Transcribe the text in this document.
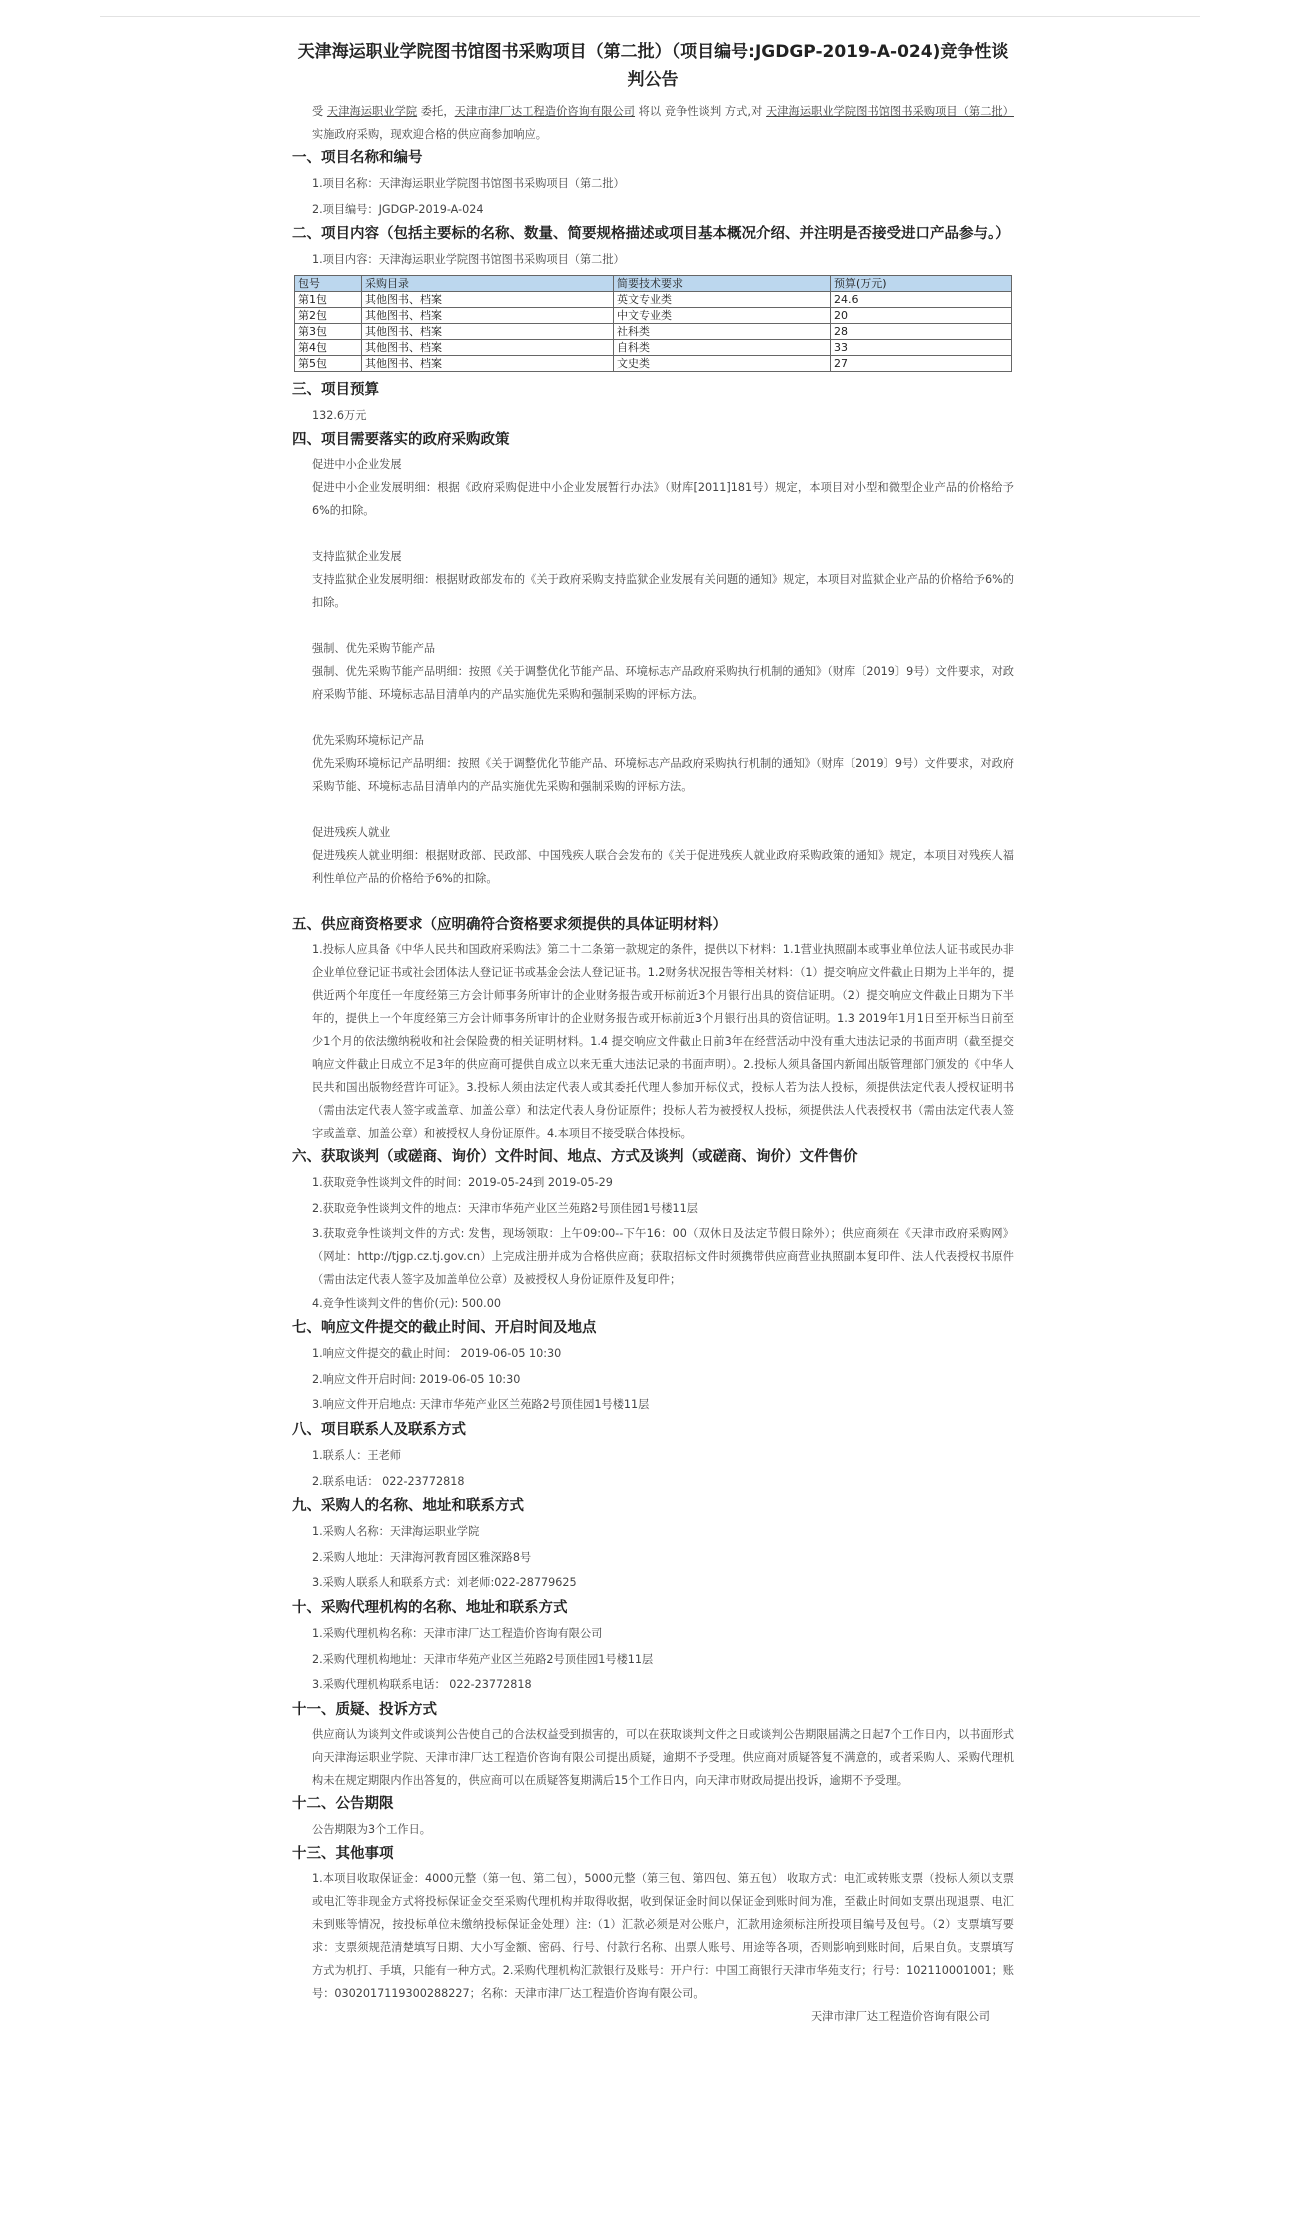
天津海运职业学院图书馆图书采购项目（第二批）（项目编号:JGDGP-2019-A-024)竞争性谈判公告

受 天津海运职业学院 委托，天津市津厂达工程造价咨询有限公司 将以 竞争性谈判 方式,对 天津海运职业学院图书馆图书采购项目（第二批） 实施政府采购，现欢迎合格的供应商参加响应。

一、项目名称和编号
1.项目名称：天津海运职业学院图书馆图书采购项目（第二批）
2.项目编号：JGDGP-2019-A-024
二、项目内容（包括主要标的名称、数量、简要规格描述或项目基本概况介绍、并注明是否接受进口产品参与。）
1.项目内容：天津海运职业学院图书馆图书采购项目（第二批）
包号	采购目录	简要技术要求	预算(万元)
第1包	其他图书、档案	英文专业类	24.6
第2包	其他图书、档案	中文专业类	20
第3包	其他图书、档案	社科类	28
第4包	其他图书、档案	自科类	33
第5包	其他图书、档案	文史类	27
三、项目预算
132.6万元
四、项目需要落实的政府采购政策

促进中小企业发展

促进中小企业发展明细：根据《政府采购促进中小企业发展暂行办法》（财库[2011]181号）规定，本项目对小型和微型企业产品的价格给予6%的扣除。

支持监狱企业发展

支持监狱企业发展明细：根据财政部发布的《关于政府采购支持监狱企业发展有关问题的通知》规定，本项目对监狱企业产品的价格给予6%的扣除。

强制、优先采购节能产品

强制、优先采购节能产品明细：按照《关于调整优化节能产品、环境标志产品政府采购执行机制的通知》（财库〔2019〕9号）文件要求，对政府采购节能、环境标志品目清单内的产品实施优先采购和强制采购的评标方法。

优先采购环境标记产品

优先采购环境标记产品明细：按照《关于调整优化节能产品、环境标志产品政府采购执行机制的通知》（财库〔2019〕9号）文件要求，对政府采购节能、环境标志品目清单内的产品实施优先采购和强制采购的评标方法。

促进残疾人就业

促进残疾人就业明细：根据财政部、民政部、中国残疾人联合会发布的《关于促进残疾人就业政府采购政策的通知》规定，本项目对残疾人福利性单位产品的价格给予6%的扣除。

五、供应商资格要求（应明确符合资格要求须提供的具体证明材料）

1.投标人应具备《中华人民共和国政府采购法》第二十二条第一款规定的条件，提供以下材料：1.1营业执照副本或事业单位法人证书或民办非企业单位登记证书或社会团体法人登记证书或基金会法人登记证书。1.2财务状况报告等相关材料：（1）提交响应文件截止日期为上半年的，提供近两个年度任一年度经第三方会计师事务所审计的企业财务报告或开标前近3个月银行出具的资信证明。（2）提交响应文件截止日期为下半年的，提供上一个年度经第三方会计师事务所审计的企业财务报告或开标前近3个月银行出具的资信证明。1.3 2019年1月1日至开标当日前至少1个月的依法缴纳税收和社会保险费的相关证明材料。1.4 提交响应文件截止日前3年在经营活动中没有重大违法记录的书面声明（截至提交响应文件截止日成立不足3年的供应商可提供自成立以来无重大违法记录的书面声明）。2.投标人须具备国内新闻出版管理部门颁发的《中华人民共和国出版物经营许可证》。3.投标人须由法定代表人或其委托代理人参加开标仪式，投标人若为法人投标，须提供法定代表人授权证明书（需由法定代表人签字或盖章、加盖公章）和法定代表人身份证原件；投标人若为被授权人投标，须提供法人代表授权书（需由法定代表人签字或盖章、加盖公章）和被授权人身份证原件。4.本项目不接受联合体投标。

六、获取谈判（或磋商、询价）文件时间、地点、方式及谈判（或磋商、询价）文件售价
1.获取竞争性谈判文件的时间：2019-05-24到 2019-05-29
2.获取竞争性谈判文件的地点：天津市华苑产业区兰苑路2号顶佳园1号楼11层

3.获取竞争性谈判文件的方式: 发售，现场领取：上午09:00--下午16：00（双休日及法定节假日除外）；供应商须在《天津市政府采购网》（网址：http://tjgp.cz.tj.gov.cn）上完成注册并成为合格供应商；获取招标文件时须携带供应商营业执照副本复印件、法人代表授权书原件（需由法定代表人签字及加盖单位公章）及被授权人身份证原件及复印件；

4.竞争性谈判文件的售价(元): 500.00
七、响应文件提交的截止时间、开启时间及地点
1.响应文件提交的截止时间： 2019-06-05 10:30
2.响应文件开启时间: 2019-06-05 10:30
3.响应文件开启地点: 天津市华苑产业区兰苑路2号顶佳园1号楼11层
八、项目联系人及联系方式
1.联系人：王老师
2.联系电话： 022-23772818
九、采购人的名称、地址和联系方式
1.采购人名称：天津海运职业学院
2.采购人地址：天津海河教育园区雅深路8号
3.采购人联系人和联系方式：刘老师:022-28779625
十、采购代理机构的名称、地址和联系方式
1.采购代理机构名称：天津市津厂达工程造价咨询有限公司
2.采购代理机构地址：天津市华苑产业区兰苑路2号顶佳园1号楼11层
3.采购代理机构联系电话： 022-23772818
十一、质疑、投诉方式

供应商认为谈判文件或谈判公告使自己的合法权益受到损害的，可以在获取谈判文件之日或谈判公告期限届满之日起7个工作日内，以书面形式向天津海运职业学院、天津市津厂达工程造价咨询有限公司提出质疑，逾期不予受理。供应商对质疑答复不满意的，或者采购人、采购代理机构未在规定期限内作出答复的，供应商可以在质疑答复期满后15个工作日内，向天津市财政局提出投诉，逾期不予受理。

十二、公告期限
公告期限为3个工作日。
十三、其他事项

1.本项目收取保证金：4000元整（第一包、第二包），5000元整（第三包、第四包、第五包） 收取方式：电汇或转账支票（投标人须以支票或电汇等非现金方式将投标保证金交至采购代理机构并取得收据，收到保证金时间以保证金到账时间为准，至截止时间如支票出现退票、电汇未到账等情况，按投标单位未缴纳投标保证金处理）注:（1）汇款必须是对公账户，汇款用途须标注所投项目编号及包号。（2）支票填写要求：支票须规范清楚填写日期、大小写金额、密码、行号、付款行名称、出票人账号、用途等各项，否则影响到账时间，后果自负。支票填写方式为机打、手填，只能有一种方式。2.采购代理机构汇款银行及账号：开户行：中国工商银行天津市华苑支行；行号：102110001001；账号：0302017119300288227；名称：天津市津厂达工程造价咨询有限公司。

天津市津厂达工程造价咨询有限公司
